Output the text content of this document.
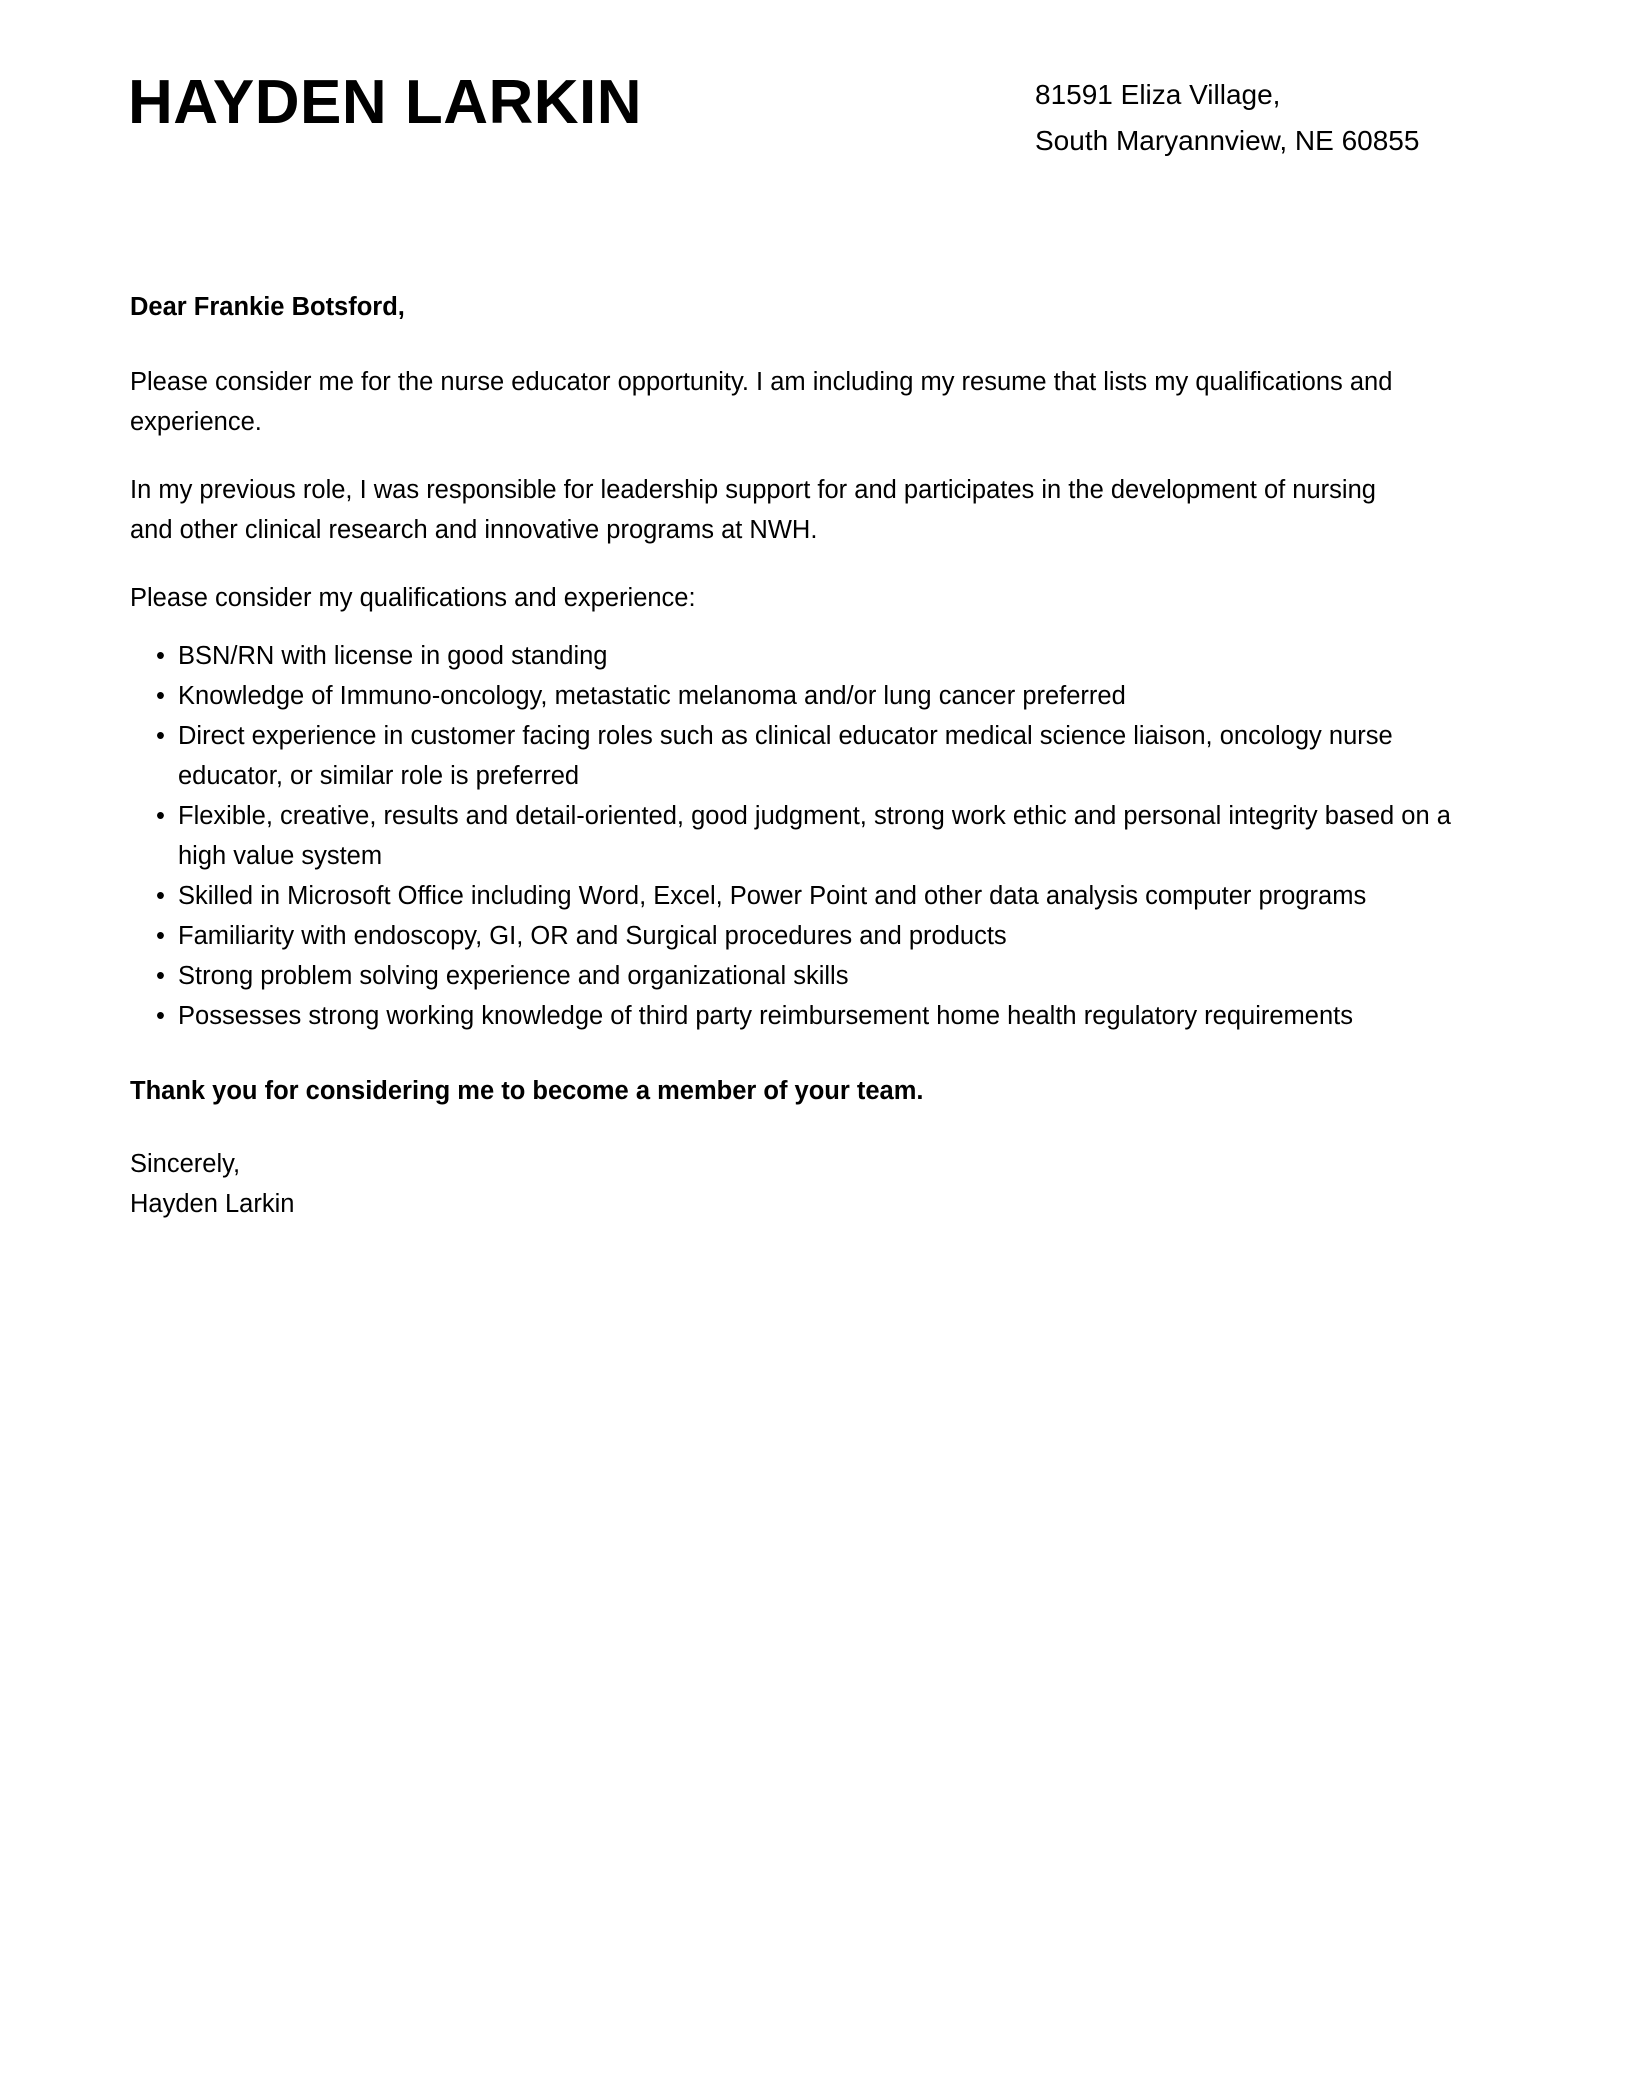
HAYDEN LARKIN	81591 Eliza Village,
South Maryannview, NE 60855

Dear Frankie Botsford,

Please consider me for the nurse educator opportunity. I am including my resume that lists my qualifications and experience.

In my previous role, I was responsible for leadership support for and participates in the development of nursing and other clinical research and innovative programs at NWH.

Please consider my qualifications and experience:

• BSN/RN with license in good standing
• Knowledge of Immuno-oncology, metastatic melanoma and/or lung cancer preferred
• Direct experience in customer facing roles such as clinical educator medical science liaison, oncology nurse educator, or similar role is preferred
• Flexible, creative, results and detail-oriented, good judgment, strong work ethic and personal integrity based on a high value system
• Skilled in Microsoft Office including Word, Excel, Power Point and other data analysis computer programs
• Familiarity with endoscopy, GI, OR and Surgical procedures and products
• Strong problem solving experience and organizational skills
• Possesses strong working knowledge of third party reimbursement home health regulatory requirements

Thank you for considering me to become a member of your team.

Sincerely,
Hayden Larkin
